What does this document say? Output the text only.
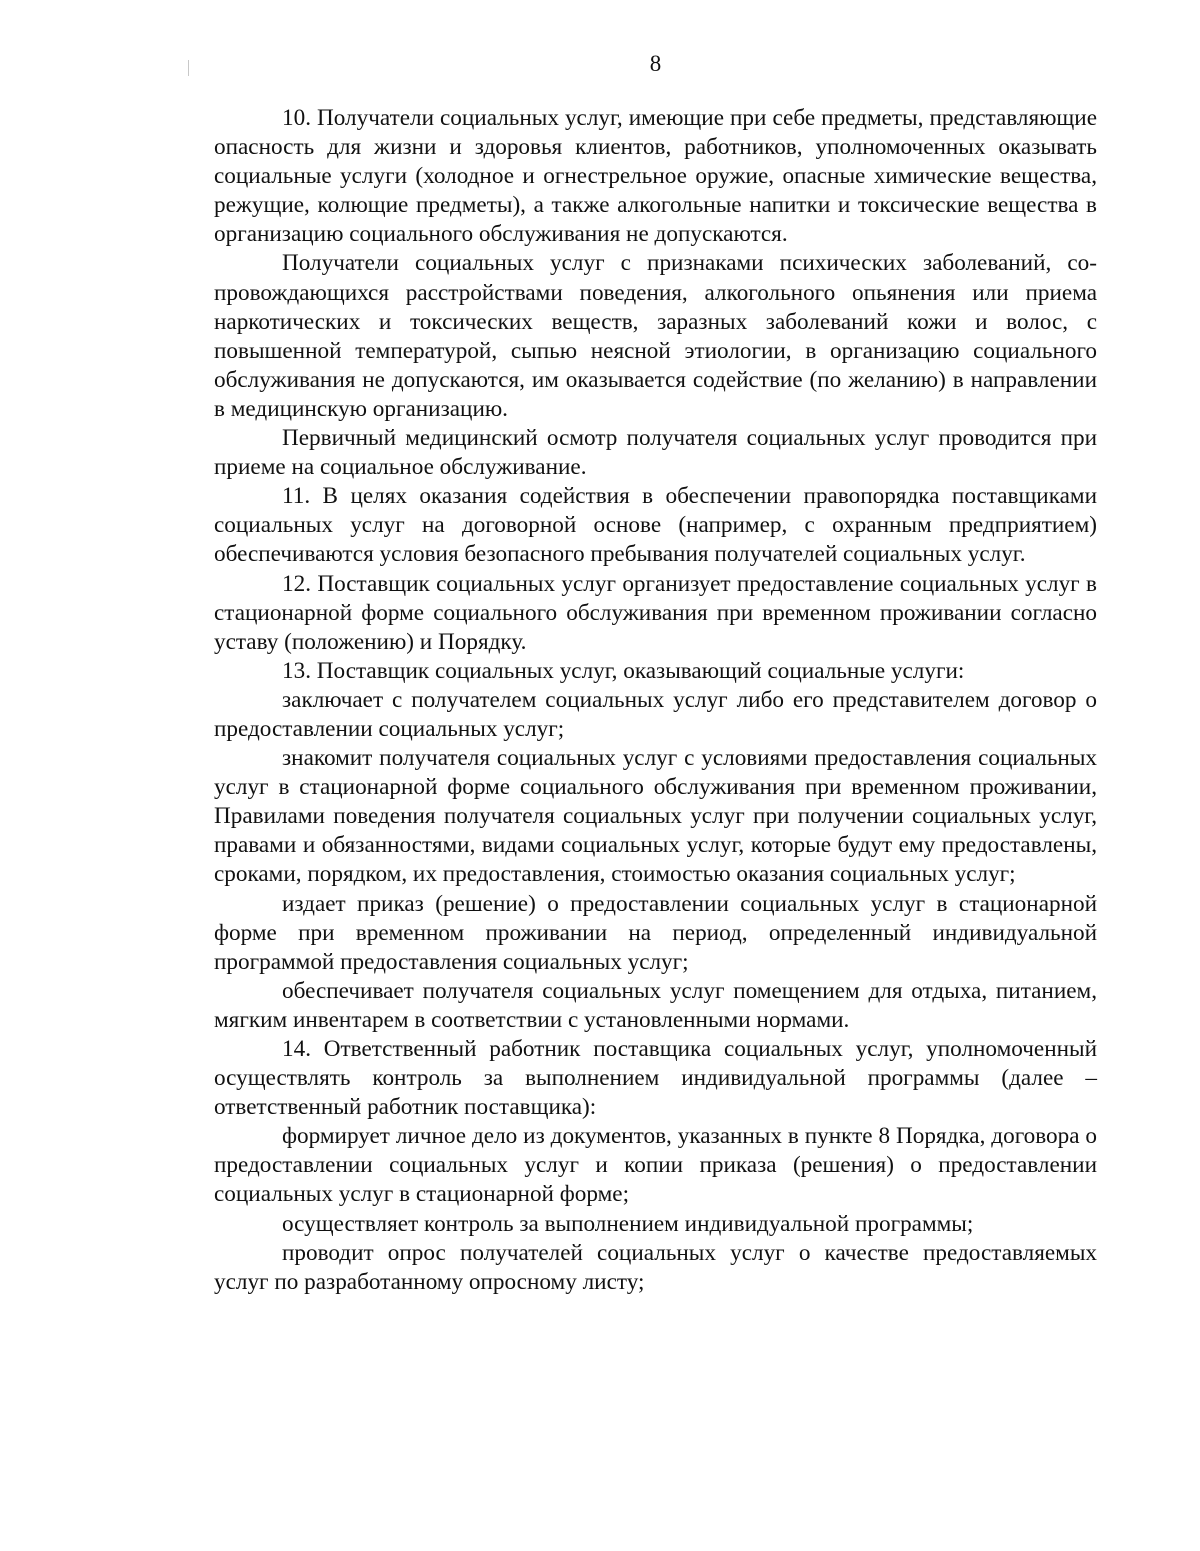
8

10. Получатели социальных услуг, имеющие при себе предметы, представляющие опасность для жизни и здоровья клиентов, работников, уполномоченных оказывать социальные услуги (холодное и огнестрельное оружие, опасные химические вещества, режущие, колющие предметы), а также алкогольные напитки и токсические вещества в организацию социального обслуживания не допускаются.

Получатели социальных услуг с признаками психических заболеваний, сопровождающихся расстройствами поведения, алкогольного опьянения или приема наркотических и токсических веществ, заразных заболеваний кожи и волос, с повышенной температурой, сыпью неясной этиологии, в организацию социального обслуживания не допускаются, им оказывается содействие (по желанию) в направлении в медицинскую организацию.

Первичный медицинский осмотр получателя социальных услуг проводится при приеме на социальное обслуживание.

11. В целях оказания содействия в обеспечении правопорядка поставщиками социальных услуг на договорной основе (например, с охранным предприятием) обеспечиваются условия безопасного пребывания получателей социальных услуг.

12. Поставщик социальных услуг организует предоставление социальных услуг в стационарной форме социального обслуживания при временном проживании согласно уставу (положению) и Порядку.

13. Поставщик социальных услуг, оказывающий социальные услуги:

заключает с получателем социальных услуг либо его представителем договор о предоставлении социальных услуг;

знакомит получателя социальных услуг с условиями предоставления социальных услуг в стационарной форме социального обслуживания при временном проживании, Правилами поведения получателя социальных услуг при получении социальных услуг, правами и обязанностями, видами социальных услуг, которые будут ему предоставлены, сроками, порядком, их предоставления, стоимостью оказания социальных услуг;

издает приказ (решение) о предоставлении социальных услуг в стационарной форме при временном проживании на период, определенный индивидуальной программой предоставления социальных услуг;

обеспечивает получателя социальных услуг помещением для отдыха, питанием, мягким инвентарем в соответствии с установленными нормами.

14. Ответственный работник поставщика социальных услуг, уполномоченный осуществлять контроль за выполнением индивидуальной программы (далее – ответственный работник поставщика):

формирует личное дело из документов, указанных в пункте 8 Порядка, договора о предоставлении социальных услуг и копии приказа (решения) о предоставлении социальных услуг в стационарной форме;

осуществляет контроль за выполнением индивидуальной программы;

проводит опрос получателей социальных услуг о качестве предоставляемых услуг по разработанному опросному листу;
